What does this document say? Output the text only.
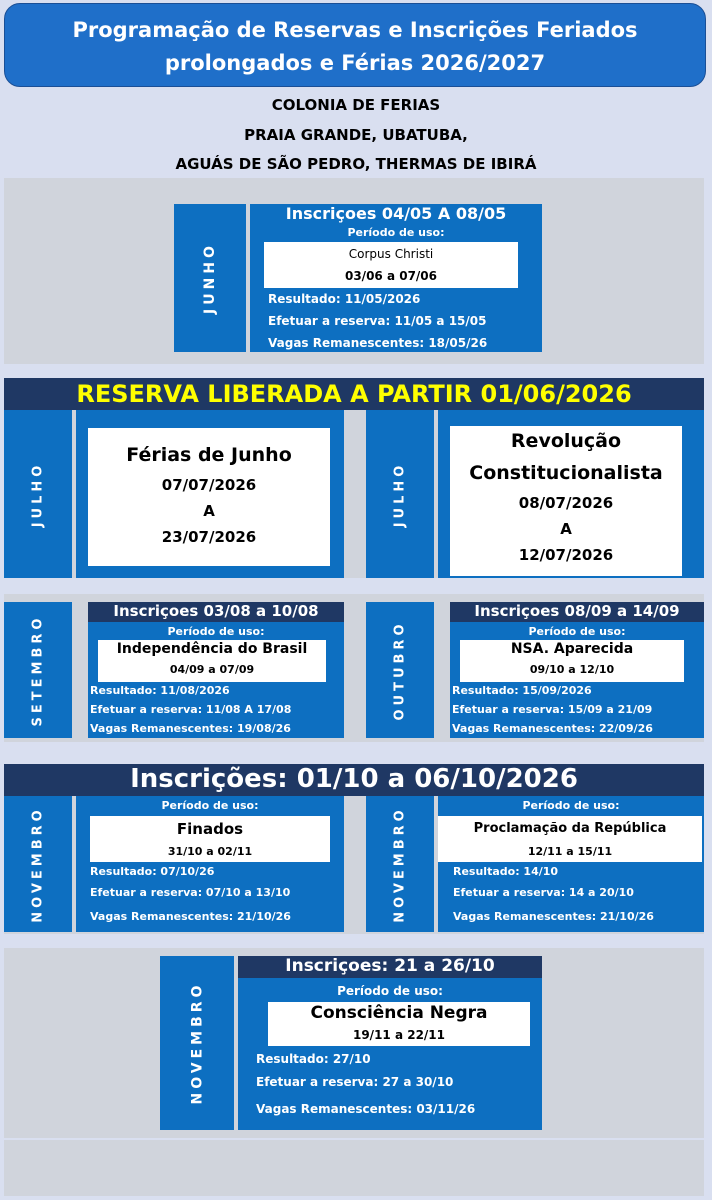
Programação de Reservas e Inscrições Feriados
prolongados e Férias 2026/2027
COLONIA DE FERIAS
PRAIA GRANDE, UBATUBA,
AGUÁS DE SÃO PEDRO, THERMAS DE IBIRÁ
JUNHO
Inscriçoes 04/05 A 08/05
Período de uso:
Corpus Christi
03/06 a 07/06
Resultado: 11/05/2026
Efetuar a reserva: 11/05 a 15/05
Vagas Remanescentes: 18/05/26
RESERVA LIBERADA A PARTIR 01/06/2026
JULHO
Férias de Junho
07/07/2026
A
23/07/2026
JULHO
Revolução
Constitucionalista
08/07/2026
A
12/07/2026
SETEMBRO
Inscriçoes 03/08 a 10/08
Período de uso:
Independência do Brasil
04/09 a 07/09
Resultado: 11/08/2026
Efetuar a reserva: 11/08 A 17/08
Vagas Remanescentes: 19/08/26
OUTUBRO
Inscriçoes 08/09 a 14/09
Período de uso:
NSA. Aparecida
09/10 a 12/10
Resultado: 15/09/2026
Efetuar a reserva: 15/09 a 21/09
Vagas Remanescentes: 22/09/26
Inscrições: 01/10 a 06/10/2026
NOVEMBRO
Período de uso:
Finados
31/10 a 02/11
Resultado: 07/10/26
Efetuar a reserva: 07/10 a 13/10
Vagas Remanescentes: 21/10/26	NOVEMBRO
Período de uso:
Proclamação da República
12/11 a 15/11
Resultado: 14/10
Efetuar a reserva: 14 a 20/10
Vagas Remanescentes: 21/10/26
NOVEMBRO
Inscriçoes: 21 a 26/10
Período de uso:
Consciência Negra
19/11 a 22/11
Resultado: 27/10
Efetuar a reserva: 27 a 30/10
Vagas Remanescentes: 03/11/26
